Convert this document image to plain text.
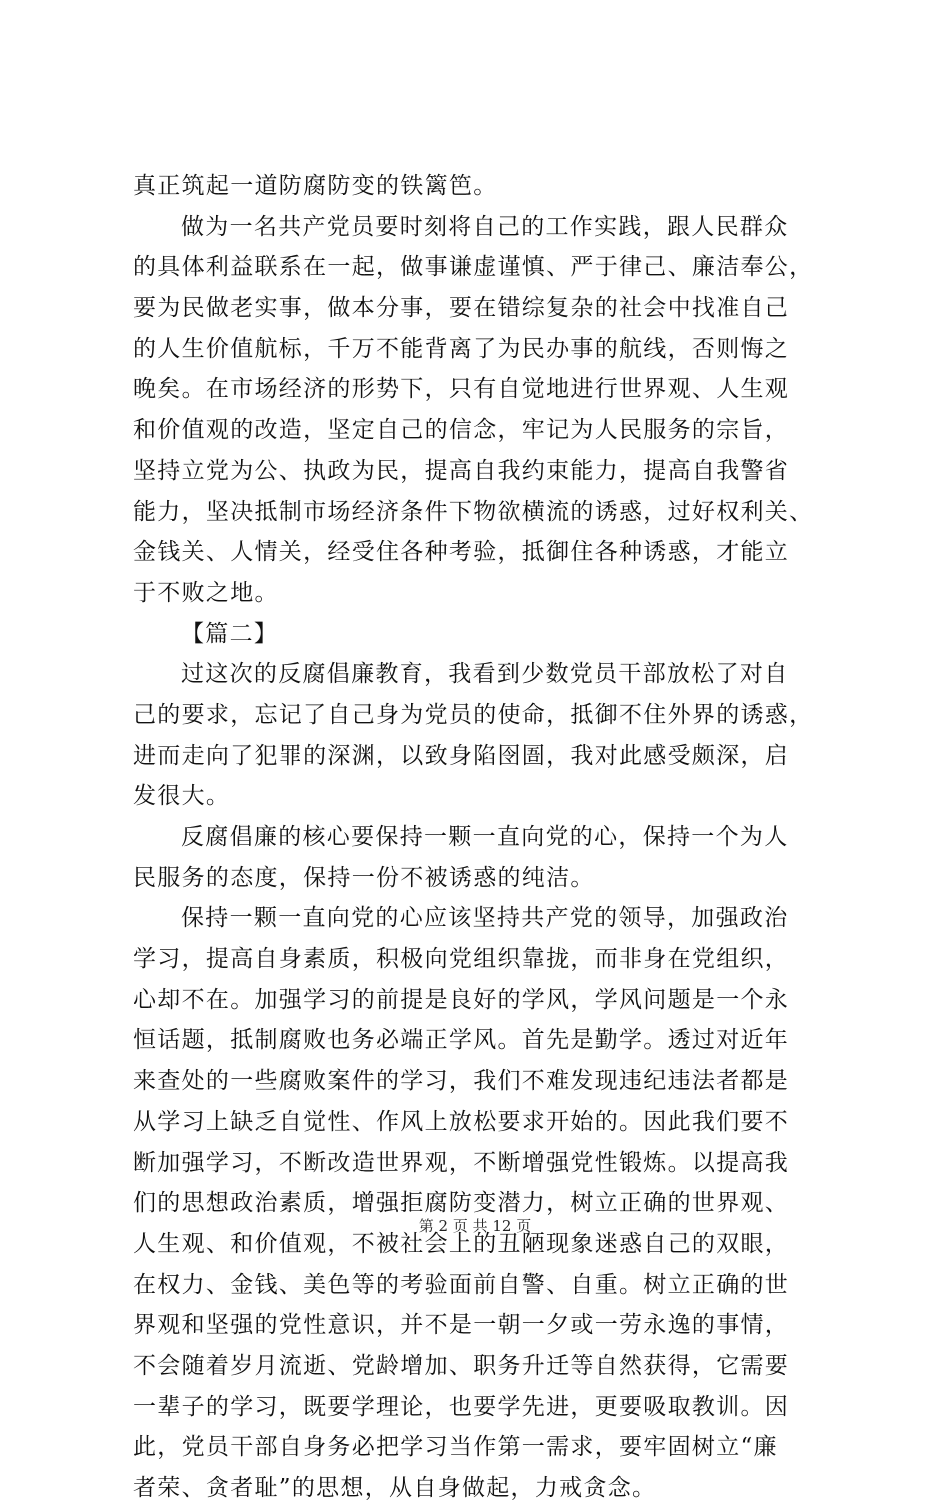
真正筑起一道防腐防变的铁篱笆。
做为一名共产党员要时刻将自己的工作实践，跟人民群众
的具体利益联系在一起，做事谦虚谨慎、严于律己、廉洁奉公，
要为民做老实事，做本分事，要在错综复杂的社会中找准自己
的人生价值航标，千万不能背离了为民办事的航线，否则悔之
晚矣。在市场经济的形势下，只有自觉地进行世界观、人生观
和价值观的改造，坚定自己的信念，牢记为人民服务的宗旨，
坚持立党为公、执政为民，提高自我约束能力，提高自我警省
能力，坚决抵制市场经济条件下物欲横流的诱惑，过好权利关、
金钱关、人情关，经受住各种考验，抵御住各种诱惑，才能立
于不败之地。
【篇二】
过这次的反腐倡廉教育，我看到少数党员干部放松了对自
己的要求，忘记了自己身为党员的使命，抵御不住外界的诱惑，
进而走向了犯罪的深渊，以致身陷囹圄，我对此感受颇深，启
发很大。
反腐倡廉的核心要保持一颗一直向党的心，保持一个为人
民服务的态度，保持一份不被诱惑的纯洁。
保持一颗一直向党的心应该坚持共产党的领导，加强政治
学习，提高自身素质，积极向党组织靠拢，而非身在党组织，
心却不在。加强学习的前提是良好的学风，学风问题是一个永
恒话题，抵制腐败也务必端正学风。首先是勤学。透过对近年
来查处的一些腐败案件的学习，我们不难发现违纪违法者都是
从学习上缺乏自觉性、作风上放松要求开始的。因此我们要不
断加强学习，不断改造世界观，不断增强党性锻炼。以提高我
们的思想政治素质，增强拒腐防变潜力，树立正确的世界观、
人生观、和价值观，不被社会上的丑陋现象迷惑自己的双眼，
在权力、金钱、美色等的考验面前自警、自重。树立正确的世
界观和坚强的党性意识，并不是一朝一夕或一劳永逸的事情，
不会随着岁月流逝、党龄增加、职务升迁等自然获得，它需要
一辈子的学习，既要学理论，也要学先进，更要吸取教训。因
此，党员干部自身务必把学习当作第一需求，要牢固树立“廉
者荣、贪者耻”的思想，从自身做起，力戒贪念。
第 2 页 共 12 页
